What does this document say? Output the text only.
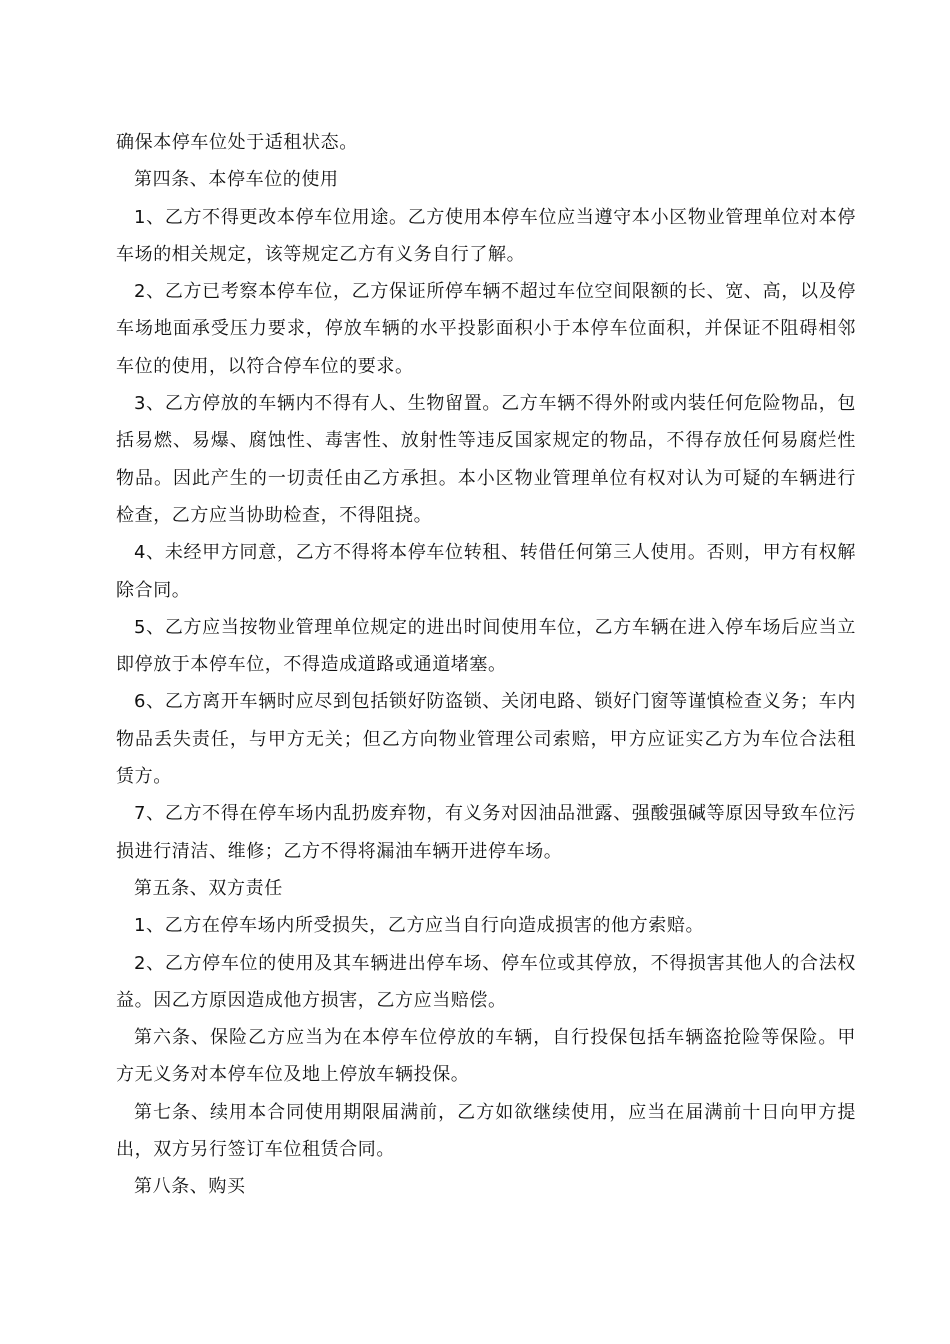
确保本停车位处于适租状态。

第四条、本停车位的使用

1、乙方不得更改本停车位用途。乙方使用本停车位应当遵守本小区物业管理单位对本停车场的相关规定，该等规定乙方有义务自行了解。

2、乙方已考察本停车位，乙方保证所停车辆不超过车位空间限额的长、宽、高，以及停车场地面承受压力要求，停放车辆的水平投影面积小于本停车位面积，并保证不阻碍相邻车位的使用，以符合停车位的要求。

3、乙方停放的车辆内不得有人、生物留置。乙方车辆不得外附或内装任何危险物品，包括易燃、易爆、腐蚀性、毒害性、放射性等违反国家规定的物品，不得存放任何易腐烂性物品。因此产生的一切责任由乙方承担。本小区物业管理单位有权对认为可疑的车辆进行检查，乙方应当协助检查，不得阻挠。

4、未经甲方同意，乙方不得将本停车位转租、转借任何第三人使用。否则，甲方有权解除合同。

5、乙方应当按物业管理单位规定的进出时间使用车位，乙方车辆在进入停车场后应当立即停放于本停车位，不得造成道路或通道堵塞。

6、乙方离开车辆时应尽到包括锁好防盗锁、关闭电路、锁好门窗等谨慎检查义务；车内物品丢失责任，与甲方无关；但乙方向物业管理公司索赔，甲方应证实乙方为车位合法租赁方。

7、乙方不得在停车场内乱扔废弃物，有义务对因油品泄露、强酸强碱等原因导致车位污损进行清洁、维修；乙方不得将漏油车辆开进停车场。

第五条、双方责任

1、乙方在停车场内所受损失，乙方应当自行向造成损害的他方索赔。

2、乙方停车位的使用及其车辆进出停车场、停车位或其停放，不得损害其他人的合法权益。因乙方原因造成他方损害，乙方应当赔偿。

第六条、保险乙方应当为在本停车位停放的车辆，自行投保包括车辆盗抢险等保险。甲方无义务对本停车位及地上停放车辆投保。

第七条、续用本合同使用期限届满前，乙方如欲继续使用，应当在届满前十日向甲方提出，双方另行签订车位租赁合同。

第八条、购买
